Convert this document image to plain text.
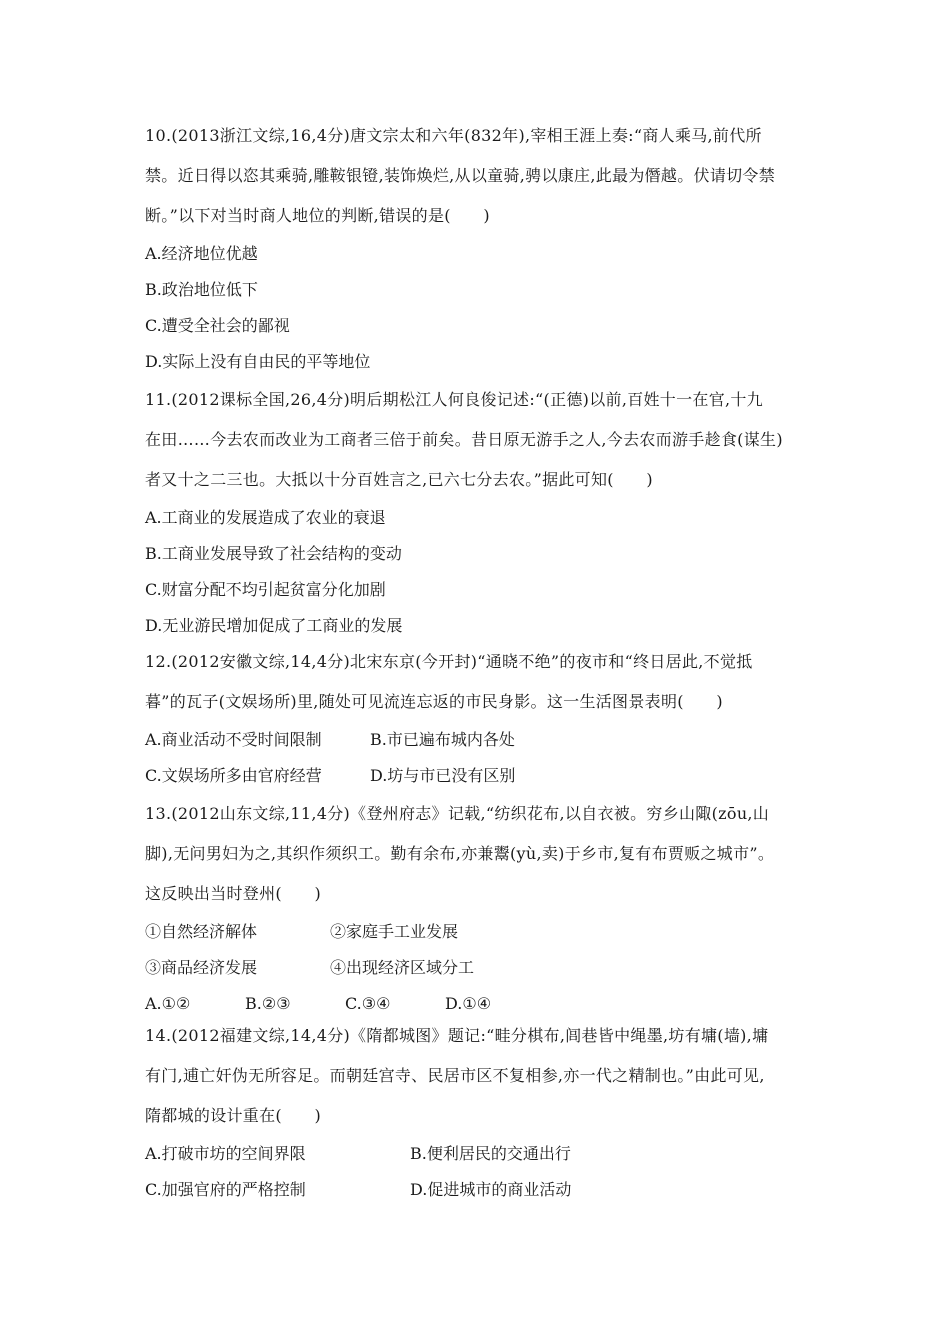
10.(2013浙江文综,16,4分)唐文宗太和六年(832年),宰相王涯上奏:“商人乘马,前代所
禁。近日得以恣其乘骑,雕鞍银镫,装饰焕烂,从以童骑,骋以康庄,此最为僭越。伏请切令禁
断。”以下对当时商人地位的判断,错误的是(　　)
A.经济地位优越
B.政治地位低下
C.遭受全社会的鄙视
D.实际上没有自由民的平等地位
11.(2012课标全国,26,4分)明后期松江人何良俊记述:“(正德)以前,百姓十一在官,十九
在田……今去农而改业为工商者三倍于前矣。昔日原无游手之人,今去农而游手趁食(谋生)
者又十之二三也。大抵以十分百姓言之,已六七分去农。”据此可知(　　)
A.工商业的发展造成了农业的衰退
B.工商业发展导致了社会结构的变动
C.财富分配不均引起贫富分化加剧
D.无业游民增加促成了工商业的发展
12.(2012安徽文综,14,4分)北宋东京(今开封)“通晓不绝”的夜市和“终日居此,不觉抵
暮”的瓦子(文娱场所)里,随处可见流连忘返的市民身影。这一生活图景表明(　　)
A.商业活动不受时间限制	B.市已遍布城内各处
C.文娱场所多由官府经营	D.坊与市已没有区别
13.(2012山东文综,11,4分)《登州府志》记载,“纺织花布,以自衣被。穷乡山陬(zōu,山
脚),无问男妇为之,其织作须织工。勤有余布,亦兼鬻(yù,卖)于乡市,复有布贾贩之城市”。
这反映出当时登州(　　)
①自然经济解体	②家庭手工业发展
③商品经济发展	④出现经济区域分工
A.①②	B.②③	C.③④	D.①④
14.(2012福建文综,14,4分)《隋都城图》题记:“畦分棋布,闾巷皆中绳墨,坊有墉(墙),墉
有门,逋亡奸伪无所容足。而朝廷宫寺、民居市区不复相参,亦一代之精制也。”由此可见,
隋都城的设计重在(　　)
A.打破市坊的空间界限	B.便利居民的交通出行
C.加强官府的严格控制	D.促进城市的商业活动
